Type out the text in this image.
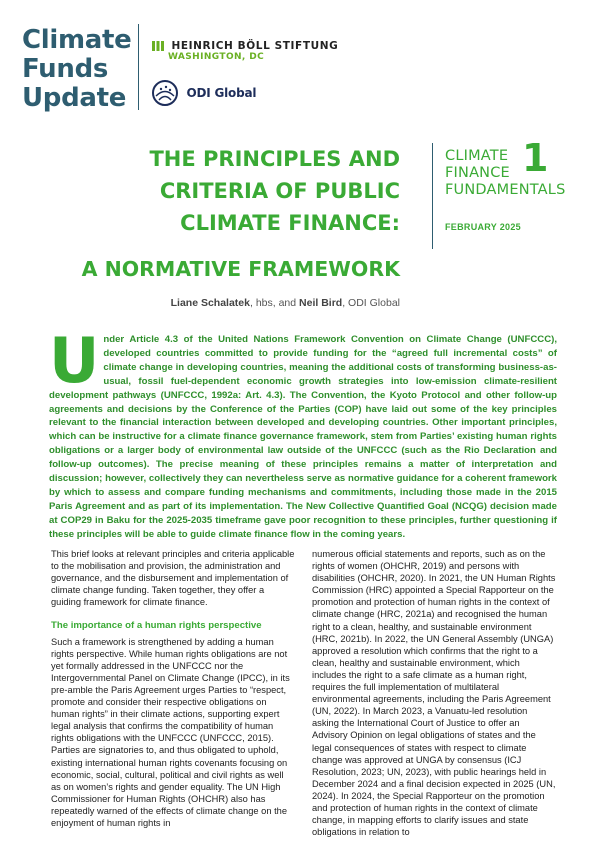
Climate Funds Update
HEINRICH BÖLL STIFTUNG
WASHINGTON, DC
ODI Global
THE PRINCIPLES AND CRITERIA OF PUBLIC CLIMATE FINANCE:
A NORMATIVE FRAMEWORK
Liane Schalatek, hbs, and Neil Bird, ODI Global
CLIMATE
FINANCE
FUNDAMENTALS
1
FEBRUARY 2025
Under Article 4.3 of the United Nations Framework Convention on Climate Change (UNFCCC), developed countries committed to provide funding for the “agreed full incremental costs” of climate change in developing countries, meaning the additional costs of transforming business-as-usual, fossil fuel-dependent economic growth strategies into low-emission climate-resilient development pathways (UNFCCC, 1992a: Art. 4.3). The Convention, the Kyoto Protocol and other follow-up agreements and decisions by the Conference of the Parties (COP) have laid out some of the key principles relevant to the financial interaction between developed and developing countries. Other important principles, which can be instructive for a climate finance governance framework, stem from Parties’ existing human rights obligations or a larger body of environmental law outside of the UNFCCC (such as the Rio Declaration and follow-up outcomes). The precise meaning of these principles remains a matter of interpretation and discussion; however, collectively they can nevertheless serve as normative guidance for a coherent framework by which to assess and compare funding mechanisms and commitments, including those made in the 2015 Paris Agreement and as part of its implementation. The New Collective Quantified Goal (NCQG) decision made at COP29 in Baku for the 2025-2035 timeframe gave poor recognition to these principles, further questioning if these principles will be able to guide climate finance flow in the coming years.

This brief looks at relevant principles and criteria applicable to the mobilisation and provision, the administration and governance, and the disbursement and implementation of climate change funding. Taken together, they offer a guiding framework for climate finance.

The importance of a human rights perspective

Such a framework is strengthened by adding a human rights perspective. While human rights obligations are not yet formally addressed in the UNFCCC nor the Intergovernmental Panel on Climate Change (IPCC), in its pre-amble the Paris Agreement urges Parties to “respect, promote and consider their respective obligations on human rights” in their climate actions, supporting expert legal analysis that confirms the compatibility of human rights obligations with the UNFCCC (UNFCCC, 2015). Parties are signatories to, and thus obligated to uphold, existing international human rights covenants focusing on economic, social, cultural, political and civil rights as well as on women’s rights and gender equality. The UN High Commissioner for Human Rights (OHCHR) also has repeatedly warned of the effects of climate change on the enjoyment of human rights in

numerous official statements and reports, such as on the rights of women (OHCHR, 2019) and persons with disabilities (OHCHR, 2020). In 2021, the UN Human Rights Commission (HRC) appointed a Special Rapporteur on the promotion and protection of human rights in the context of climate change (HRC, 2021a) and recognised the human right to a clean, healthy, and sustainable environment (HRC, 2021b). In 2022, the UN General Assembly (UNGA) approved a resolution which confirms that the right to a clean, healthy and sustainable environment, which includes the right to a safe climate as a human right, requires the full implementation of multilateral environmental agreements, including the Paris Agreement (UN, 2022). In March 2023, a Vanuatu-led resolution asking the International Court of Justice to offer an Advisory Opinion on legal obligations of states and the legal consequences of states with respect to climate change was approved at UNGA by consensus (ICJ Resolution, 2023; UN, 2023), with public hearings held in December 2024 and a final decision expected in 2025 (UN, 2024). In 2024, the Special Rapporteur on the promotion and protection of human rights in the context of climate change, in mapping efforts to clarify issues and state obligations in relation to
